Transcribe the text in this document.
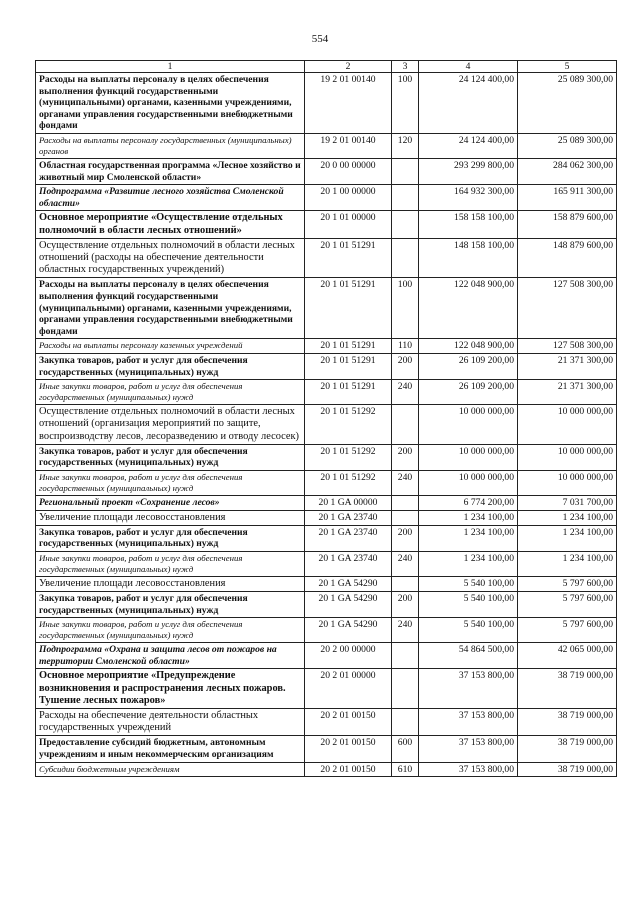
554
1	2	3	4	5
Расходы на выплаты персоналу в целях обеспечения выполнения функций государственными (муниципальными) органами, казенными учреждениями, органами управления государственными внебюджетными фондами	19 2 01 00140	100	24 124 400,00	25 089 300,00
Расходы на выплаты персоналу государственных (муниципальных) органов	19 2 01 00140	120	24 124 400,00	25 089 300,00
Областная государственная программа «Лесное хозяйство и животный мир Смоленской области»	20 0 00 00000		293 299 800,00	284 062 300,00
Подпрограмма «Развитие лесного хозяйства Смоленской области»	20 1 00 00000		164 932 300,00	165 911 300,00
Основное мероприятие «Осуществление отдельных полномочий в области лесных отношений»	20 1 01 00000		158 158 100,00	158 879 600,00
Осуществление отдельных полномочий в области лесных отношений (расходы на обеспечение деятельности областных государственных учреждений)	20 1 01 51291		148 158 100,00	148 879 600,00
Расходы на выплаты персоналу в целях обеспечения выполнения функций государственными (муниципальными) органами, казенными учреждениями, органами управления государственными внебюджетными фондами	20 1 01 51291	100	122 048 900,00	127 508 300,00
Расходы на выплаты персоналу казенных учреждений	20 1 01 51291	110	122 048 900,00	127 508 300,00
Закупка товаров, работ и услуг для обеспечения государственных (муниципальных) нужд	20 1 01 51291	200	26 109 200,00	21 371 300,00
Иные закупки товаров, работ и услуг для обеспечения государственных (муниципальных) нужд	20 1 01 51291	240	26 109 200,00	21 371 300,00
Осуществление отдельных полномочий в области лесных отношений (организация мероприятий по защите, воспроизводству лесов, лесоразведению и отводу лесосек)	20 1 01 51292		10 000 000,00	10 000 000,00
Закупка товаров, работ и услуг для обеспечения государственных (муниципальных) нужд	20 1 01 51292	200	10 000 000,00	10 000 000,00
Иные закупки товаров, работ и услуг для обеспечения государственных (муниципальных) нужд	20 1 01 51292	240	10 000 000,00	10 000 000,00
Региональный проект «Сохранение лесов»	20 1 GA 00000		6 774 200,00	7 031 700,00
Увеличение площади лесовосстановления	20 1 GA 23740		1 234 100,00	1 234 100,00
Закупка товаров, работ и услуг для обеспечения государственных (муниципальных) нужд	20 1 GA 23740	200	1 234 100,00	1 234 100,00
Иные закупки товаров, работ и услуг для обеспечения государственных (муниципальных) нужд	20 1 GA 23740	240	1 234 100,00	1 234 100,00
Увеличение площади лесовосстановления	20 1 GA 54290		5 540 100,00	5 797 600,00
Закупка товаров, работ и услуг для обеспечения государственных (муниципальных) нужд	20 1 GA 54290	200	5 540 100,00	5 797 600,00
Иные закупки товаров, работ и услуг для обеспечения государственных (муниципальных) нужд	20 1 GA 54290	240	5 540 100,00	5 797 600,00
Подпрограмма «Охрана и защита лесов от пожаров на территории Смоленской области»	20 2 00 00000		54 864 500,00	42 065 000,00
Основное мероприятие «Предупреждение возникновения и распространения лесных пожаров. Тушение лесных пожаров»	20 2 01 00000		37 153 800,00	38 719 000,00
Расходы на обеспечение деятельности областных государственных учреждений	20 2 01 00150		37 153 800,00	38 719 000,00
Предоставление субсидий бюджетным, автономным учреждениям и иным некоммерческим организациям	20 2 01 00150	600	37 153 800,00	38 719 000,00
Субсидии бюджетным учреждениям	20 2 01 00150	610	37 153 800,00	38 719 000,00
